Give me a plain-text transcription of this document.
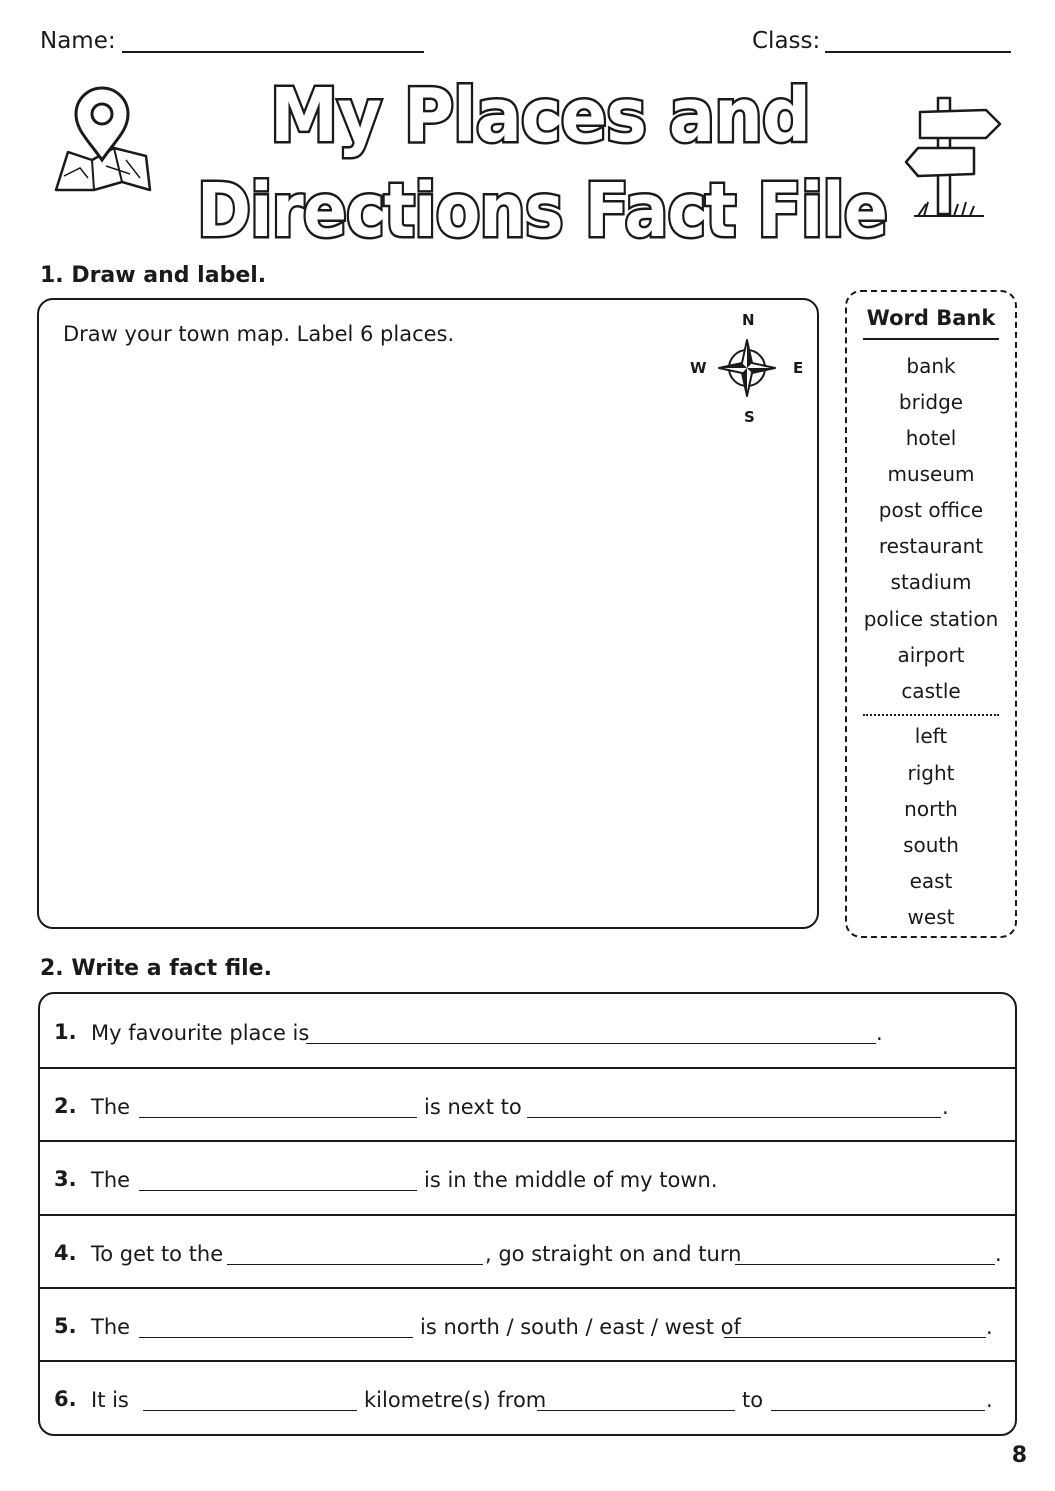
Name:	Class:
My Places and
Directions Fact File
1. Draw and label.
Draw your town map. Label 6 places.
N
S
E
W
Word Bank
bank
bridge
hotel
museum
post office
restaurant
stadium
police station
airport
castle
left
right
north
south
east
west
2. Write a fact file.
1. My favourite place is	.
2. The	is next to	.
3. The	is in the middle of my town.
4. To get to the	, go straight on and turn	.
5. The	is north / south / east / west of	.
6. It is	kilometre(s) from	to	.
8
